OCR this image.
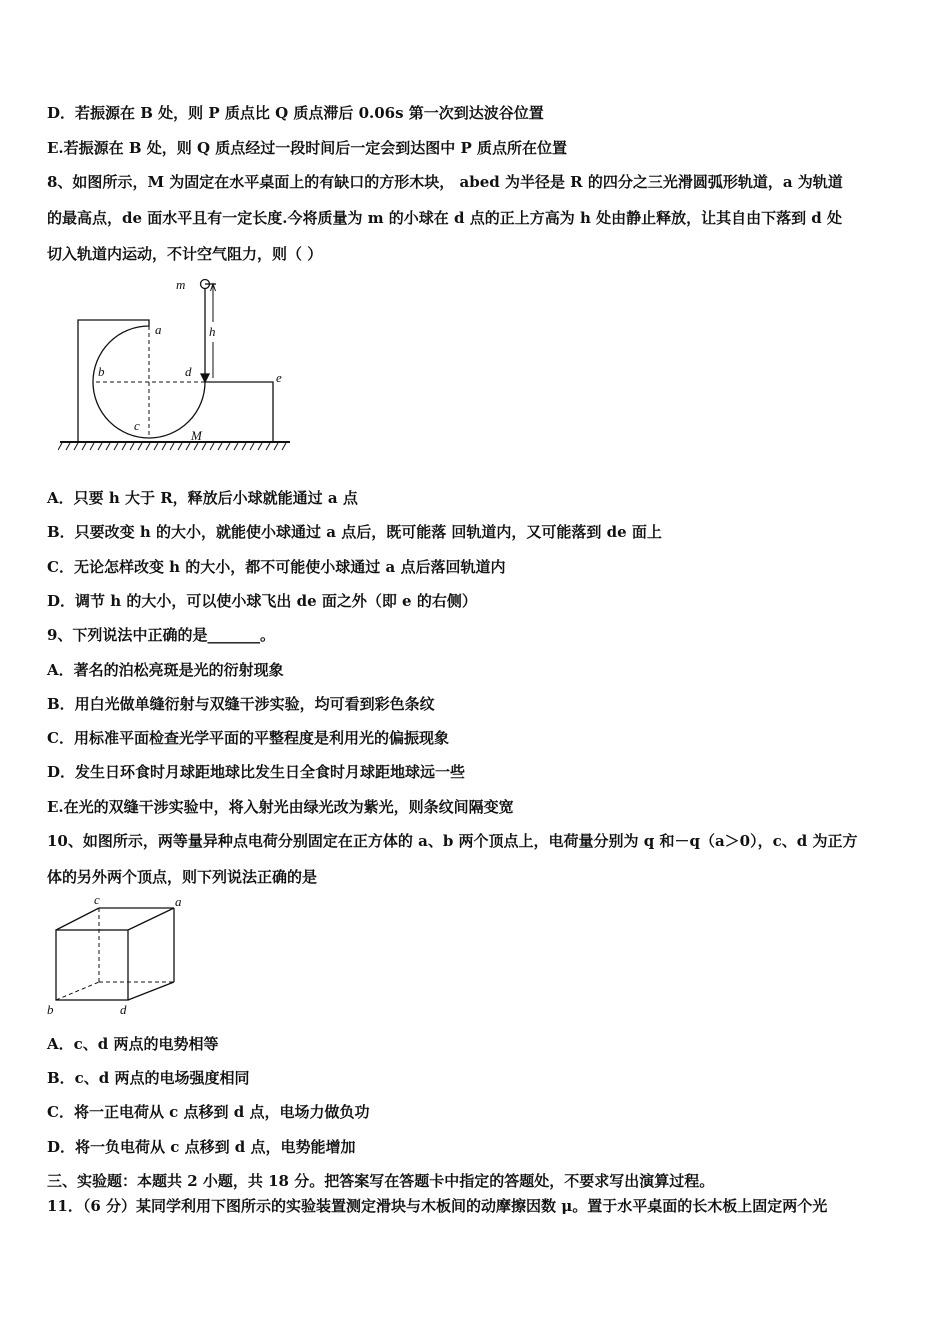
D．若振源在 B 处，则 P 质点比 Q 质点滞后 0.06s 第一次到达波谷位置
E.若振源在 B 处，则 Q 质点经过一段时间后一定会到达图中 P 质点所在位置
8、如图所示，M 为固定在水平桌面上的有缺口的方形木块， abed 为半径是 R 的四分之三光滑圆弧形轨道，a 为轨道
的最高点，de 面水平且有一定长度.今将质量为 m 的小球在 d 点的正上方高为 h 处由静止释放，让其自由下落到 d 处
切入轨道内运动，不计空气阻力，则（ ）
m
a	h
b	d	e
c
M
A．只要 h 大于 R，释放后小球就能通过 a 点
B．只要改变 h 的大小，就能使小球通过 a 点后，既可能落 回轨道内，又可能落到 de 面上
C．无论怎样改变 h 的大小，都不可能使小球通过 a 点后落回轨道内
D．调节 h 的大小，可以使小球飞出 de 面之外（即 e 的右侧）
9、下列说法中正确的是_______。
A．著名的泊松亮斑是光的衍射现象
B．用白光做单缝衍射与双缝干涉实验，均可看到彩色条纹
C．用标准平面检查光学平面的平整程度是利用光的偏振现象
D．发生日环食时月球距地球比发生日全食时月球距地球远一些
E.在光的双缝干涉实验中，将入射光由绿光改为紫光，则条纹间隔变宽
10、如图所示，两等量异种点电荷分别固定在正方体的 a、b 两个顶点上，电荷量分别为 q 和－q（a＞0），c、d 为正方
体的另外两个顶点，则下列说法正确的是
c	a
b	d
A．c、d 两点的电势相等
B．c、d 两点的电场强度相同
C．将一正电荷从 c 点移到 d 点，电场力做负功
D．将一负电荷从 c 点移到 d 点，电势能增加
三、实验题：本题共 2 小题，共 18 分。把答案写在答题卡中指定的答题处，不要求写出演算过程。
11．（6 分）某同学利用下图所示的实验装置测定滑块与木板间的动摩擦因数 μ。置于水平桌面的长木板上固定两个光
